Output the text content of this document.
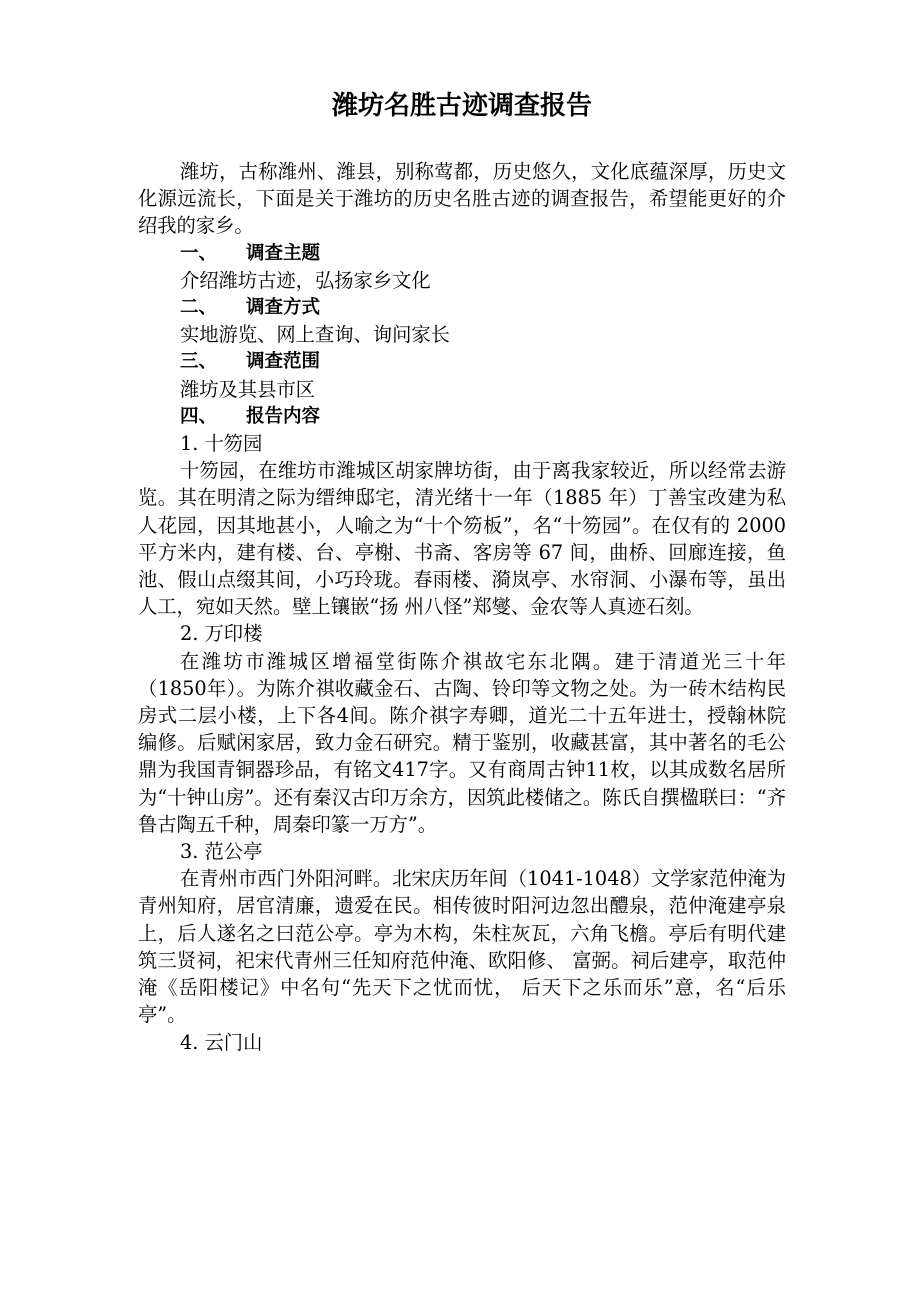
潍坊名胜古迹调查报告

潍坊，古称潍州、潍县，别称莺都，历史悠久，文化底蕴深厚，历史文化源远流长，下面是关于潍坊的历史名胜古迹的调查报告，希望能更好的介绍我的家乡。

一、 调查主题

介绍潍坊古迹，弘扬家乡文化

二、 调查方式

实地游览、网上查询、询问家长

三、 调查范围

潍坊及其县市区

四、 报告内容

1. 十笏园

十笏园，在维坊市潍城区胡家牌坊街，由于离我家较近，所以经常去游览。其在明清之际为缙绅邸宅，清光绪十一年（1885 年）丁善宝改建为私人花园，因其地甚小，人喻之为“十个笏板”，名“十笏园”。在仅有的 2000 平方米内，建有楼、台、亭榭、书斋、客房等 67 间，曲桥、回廊连接，鱼池、假山点缀其间，小巧玲珑。春雨楼、漪岚亭、水帘洞、小瀑布等，虽出人工，宛如天然。壁上镶嵌“扬 州八怪”郑燮、金农等人真迹石刻。

2. 万印楼

在潍坊市潍城区增福堂街陈介祺故宅东北隅。建于清道光三十年（1850年）。为陈介祺收藏金石、古陶、铃印等文物之处。为一砖木结构民房式二层小楼，上下各4间。陈介祺字寿卿，道光二十五年进士，授翰林院编修。后赋闲家居，致力金石研究。精于鉴别，收藏甚富，其中著名的毛公鼎为我国青铜器珍品，有铭文417字。又有商周古钟11枚，以其成数名居所为“十钟山房”。还有秦汉古印万余方，因筑此楼储之。陈氏自撰楹联曰：“齐鲁古陶五千种，周秦印篆一万方”。

3. 范公亭

在青州市西门外阳河畔。北宋庆历年间（1041-1048）文学家范仲淹为青州知府，居官清廉，遗爱在民。相传彼时阳河边忽出醴泉，范仲淹建亭泉上，后人遂名之曰范公亭。亭为木构，朱柱灰瓦，六角飞檐。亭后有明代建筑三贤祠，祀宋代青州三任知府范仲淹、欧阳修、 富弼。祠后建亭，取范仲淹《岳阳楼记》中名句“先天下之忧而忧， 后天下之乐而乐”意，名“后乐亭”。

4. 云门山
